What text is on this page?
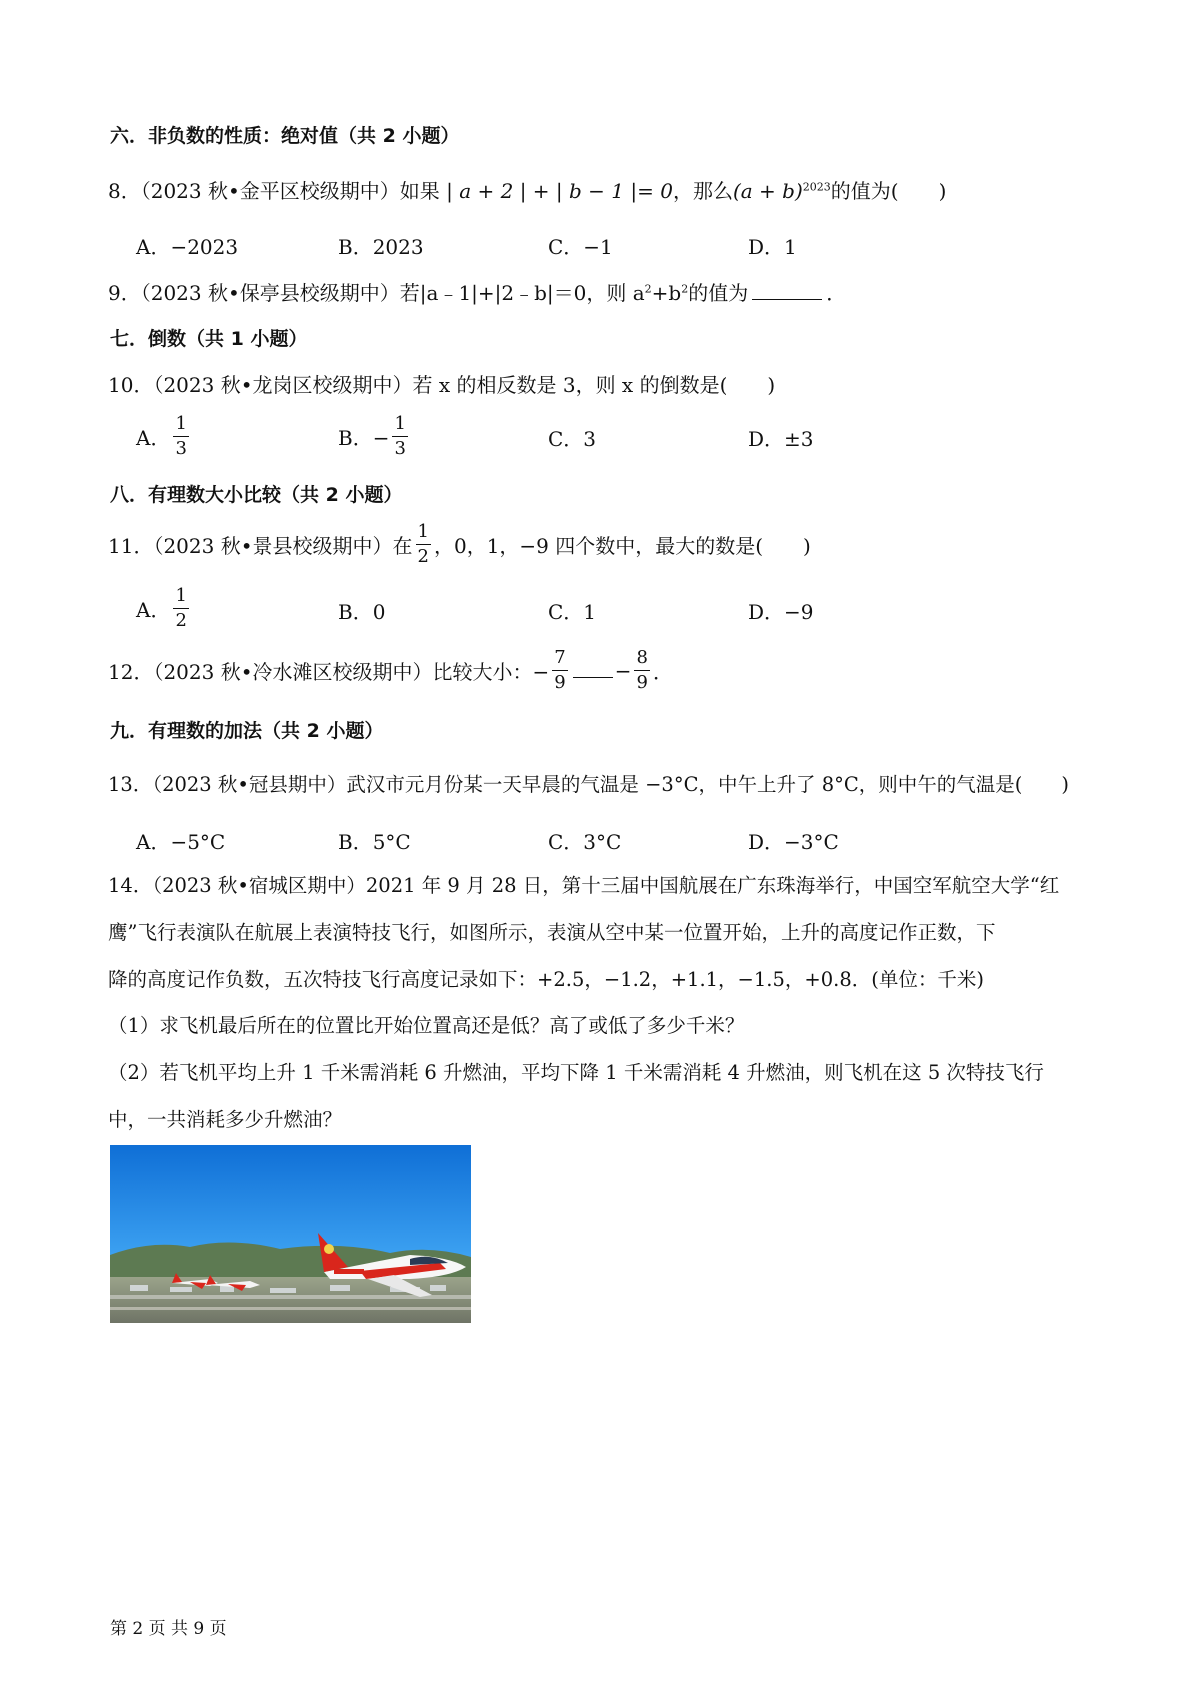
六．非负数的性质：绝对值（共 2 小题）
8．（2023 秋•金平区校级期中）如果 | a + 2 | + | b − 1 |= 0，那么$(a + b)^{2023}$的值为(　　)
A．−2023	B．2023	C．−1	D．1
9．（2023 秋•保亭县校级期中）若|a﹣1|+|2﹣b|＝0，则 $a^2+b^2$的值为	．
七．倒数（共 1 小题）
10．（2023 秋•龙岗区校级期中）若 x 的相反数是 3，则 x 的倒数是(　　)
A． $\frac{1}{3}$	B．− $\frac{1}{3}$	C．3	D．±3
八．有理数大小比较（共 2 小题）
11．（2023 秋•景县校级期中）在 $\frac{1}{2}$ ，0，1，−9 四个数中，最大的数是(　　)
A． $\frac{1}{2}$	B．0	C．1	D．−9
12．（2023 秋•冷水滩区校级期中）比较大小：− $\frac{7}{9} - \frac{8}{9}$ ．
九．有理数的加法（共 2 小题）
13．（2023 秋•冠县期中）武汉市元月份某一天早晨的气温是 −3°C，中午上升了 8°C，则中午的气温是(　　)
A．−5°C	B．5°C	C．3°C	D．−3°C
14．（2023 秋•宿城区期中）2021 年 9 月 28 日，第十三届中国航展在广东珠海举行，中国空军航空大学“红
鹰”飞行表演队在航展上表演特技飞行，如图所示，表演从空中某一位置开始，上升的高度记作正数，下
降的高度记作负数，五次特技飞行高度记录如下：+2.5，−1.2，+1.1，−1.5，+0.8．(单位：千米)
（1）求飞机最后所在的位置比开始位置高还是低？高了或低了多少千米？
（2）若飞机平均上升 1 千米需消耗 6 升燃油，平均下降 1 千米需消耗 4 升燃油，则飞机在这 5 次特技飞行
中，一共消耗多少升燃油？
第 2 页 共 9 页
